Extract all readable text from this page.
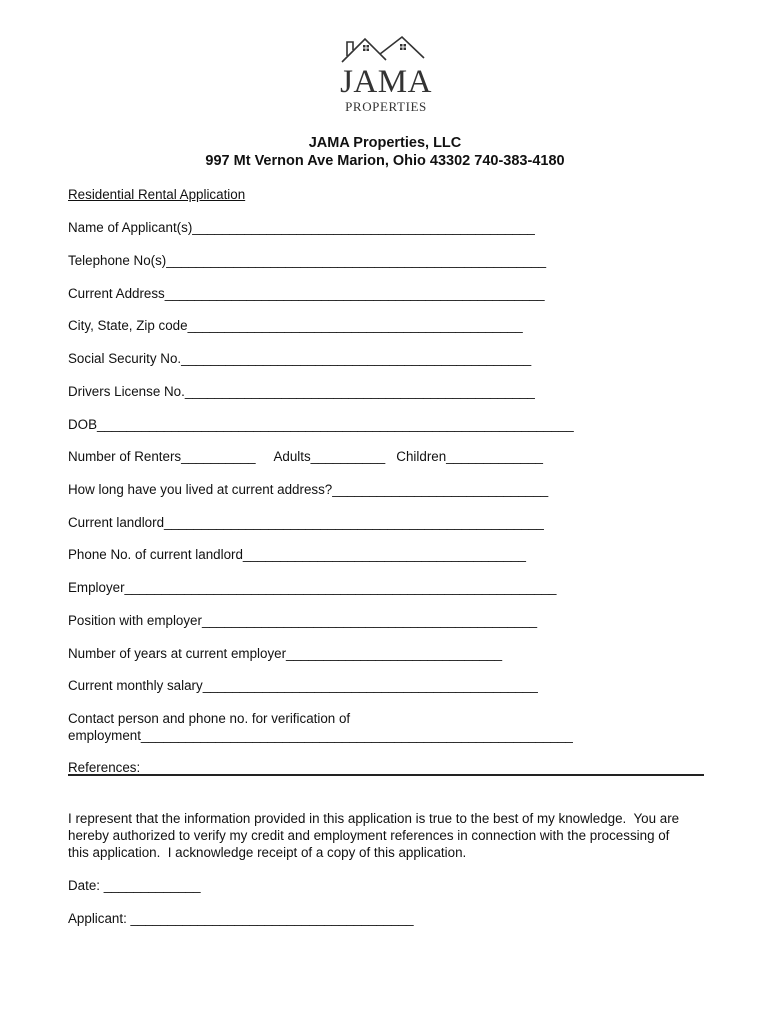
JAMA
PROPERTIES
JAMA Properties, LLC
997 Mt Vernon Ave Marion, Ohio 43302 740-383-4180
Residential Rental Application
Name of Applicant(s)______________________________________________
Telephone No(s)___________________________________________________
Current Address___________________________________________________
City, State, Zip code_____________________________________________
Social Security No._______________________________________________
Drivers License No._______________________________________________
DOB________________________________________________________________
Number of Renters__________     Adults__________   Children_____________
How long have you lived at current address?_____________________________
Current landlord___________________________________________________
Phone No. of current landlord______________________________________
Employer__________________________________________________________
Position with employer_____________________________________________
Number of years at current employer_____________________________
Current monthly salary_____________________________________________
Contact person and phone no. for verification of
employment__________________________________________________________
References:
I represent that the information provided in this application is true to the best of my knowledge.  You are
hereby authorized to verify my credit and employment references in connection with the processing of
this application.  I acknowledge receipt of a copy of this application.
Date: _____________
Applicant: ______________________________________
